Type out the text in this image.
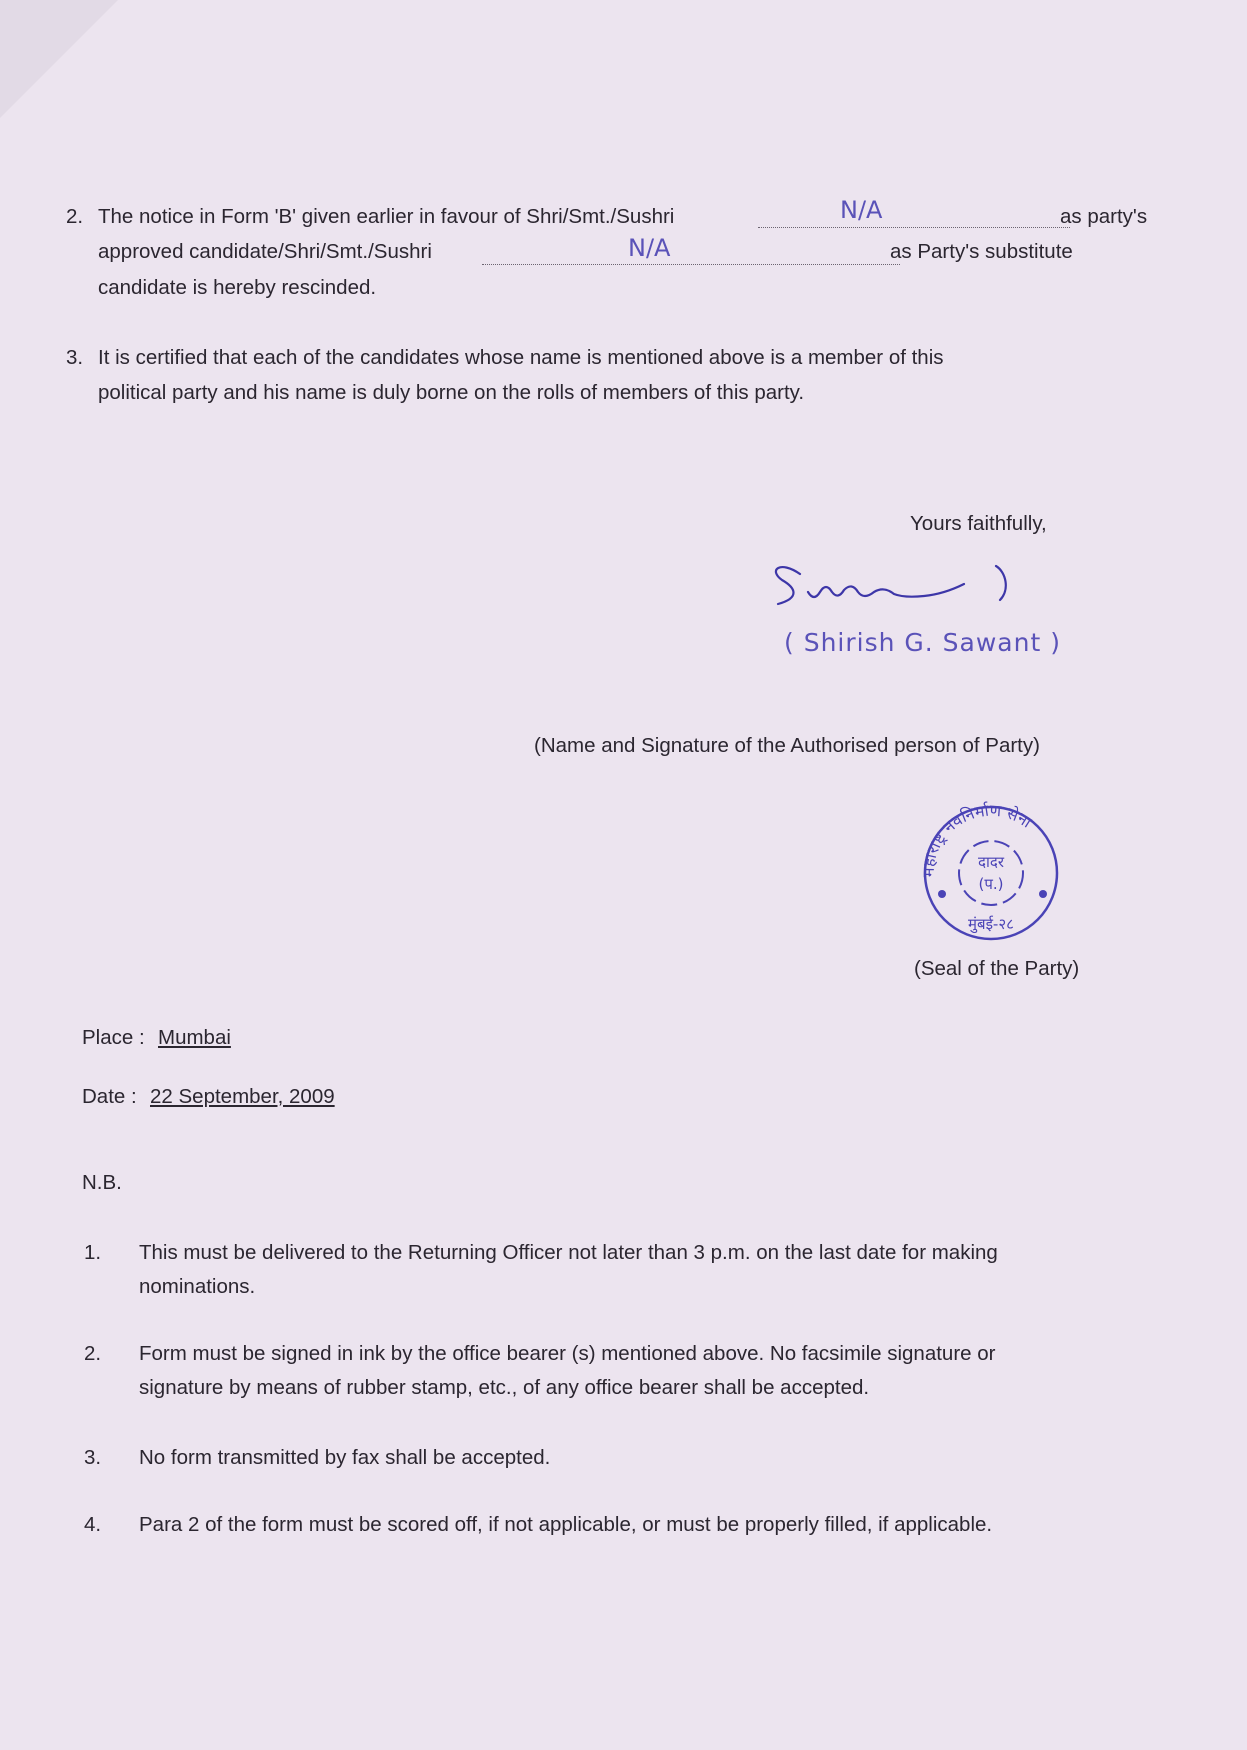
2. The notice in Form 'B' given earlier in favour of Shri/Smt./Sushri	N/A	as party's
approved candidate/Shri/Smt./Sushri	N/A	as Party's substitute
candidate is hereby rescinded.
3. It is certified that each of the candidates whose name is mentioned above is a member of this
political party and his name is duly borne on the rolls of members of this party.
Yours faithfully,
( Shirish G. Sawant )
(Name and Signature of the Authorised person of Party)
महाराष्ट्र नवनिर्माण सेना
दादर
(प.)
मुंबई-२८
(Seal of the Party)
Place : Mumbai
Date : 22 September, 2009
N.B.
1. This must be delivered to the Returning Officer not later than 3 p.m. on the last date for making
nominations.
2. Form must be signed in ink by the office bearer (s) mentioned above. No facsimile signature or
signature by means of rubber stamp, etc., of any office bearer shall be accepted.
3. No form transmitted by fax shall be accepted.
4. Para 2 of the form must be scored off, if not applicable, or must be properly filled, if applicable.
